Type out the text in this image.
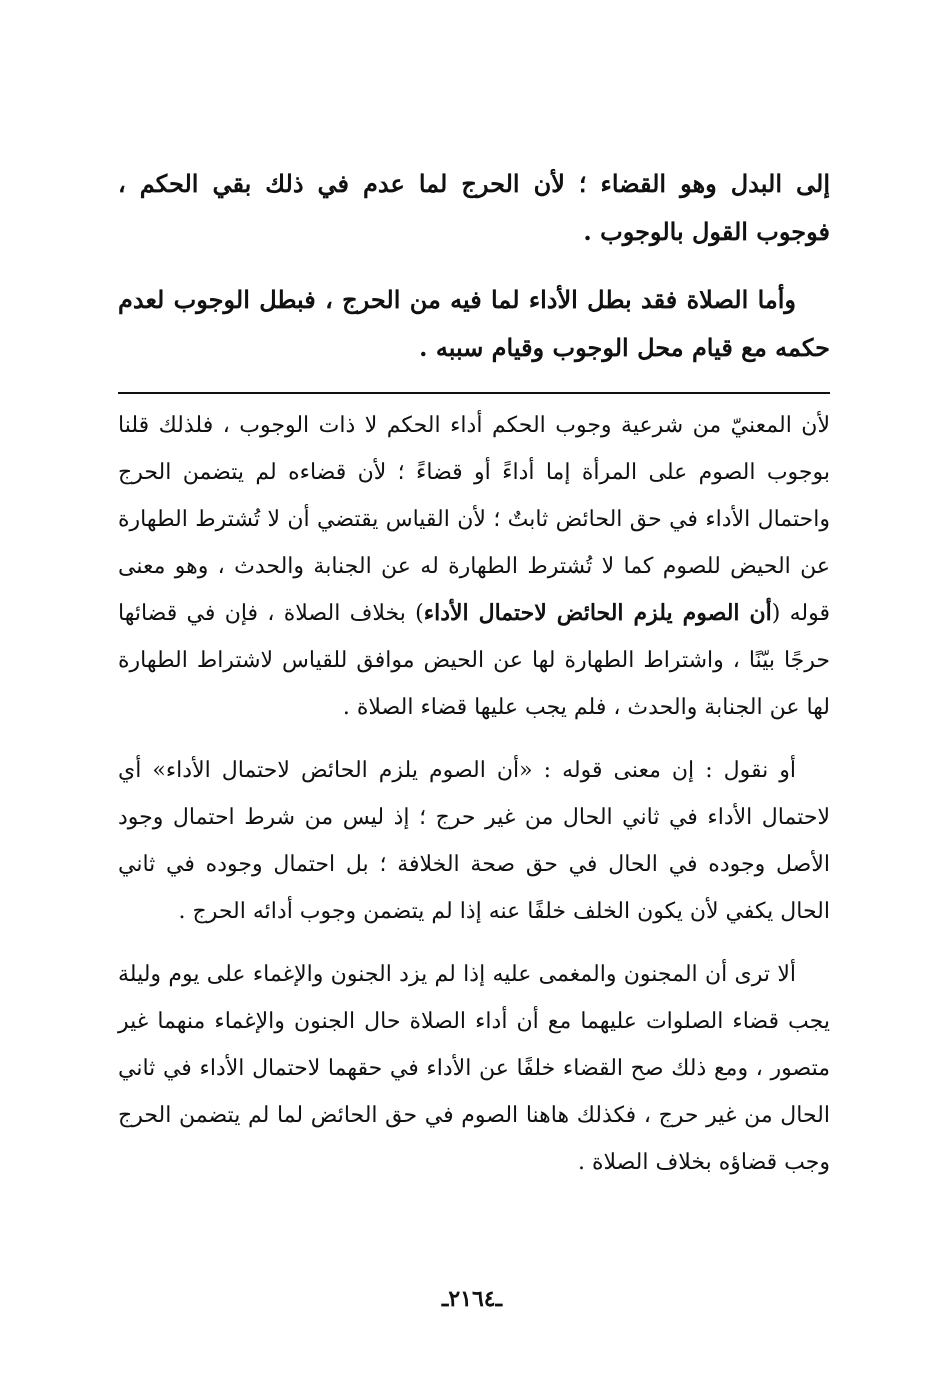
إلى البدل وهو القضاء ؛ لأن الحرج لما عدم في ذلك بقي الحكم ، فوجوب القول بالوجوب .

وأما الصلاة فقد بطل الأداء لما فيه من الحرج ، فبطل الوجوب لعدم حكمه مع قيام محل الوجوب وقيام سببه .

لأن المعنيّ من شرعية وجوب الحكم أداء الحكم لا ذات الوجوب ، فلذلك قلنا بوجوب الصوم على المرأة إما أداءً أو قضاءً ؛ لأن قضاءه لم يتضمن الحرج واحتمال الأداء في حق الحائض ثابتٌ ؛ لأن القياس يقتضي أن لا تُشترط الطهارة عن الحيض للصوم كما لا تُشترط الطهارة له عن الجنابة والحدث ، وهو معنى قوله (أن الصوم يلزم الحائض لاحتمال الأداء) بخلاف الصلاة ، فإن في قضائها حرجًا بيّنًا ، واشتراط الطهارة لها عن الحيض موافق للقياس لاشتراط الطهارة لها عن الجنابة والحدث ، فلم يجب عليها قضاء الصلاة .

أو نقول : إن معنى قوله : «أن الصوم يلزم الحائض لاحتمال الأداء» أي لاحتمال الأداء في ثاني الحال من غير حرج ؛ إذ ليس من شرط احتمال وجود الأصل وجوده في الحال في حق صحة الخلافة ؛ بل احتمال وجوده في ثاني الحال يكفي لأن يكون الخلف خلفًا عنه إذا لم يتضمن وجوب أدائه الحرج .

ألا ترى أن المجنون والمغمى عليه إذا لم يزد الجنون والإغماء على يوم وليلة يجب قضاء الصلوات عليهما مع أن أداء الصلاة حال الجنون والإغماء منهما غير متصور ، ومع ذلك صح القضاء خلفًا عن الأداء في حقهما لاحتمال الأداء في ثاني الحال من غير حرج ، فكذلك هاهنا الصوم في حق الحائض لما لم يتضمن الحرج وجب قضاؤه بخلاف الصلاة .

ـ٢١٦٤ـ
